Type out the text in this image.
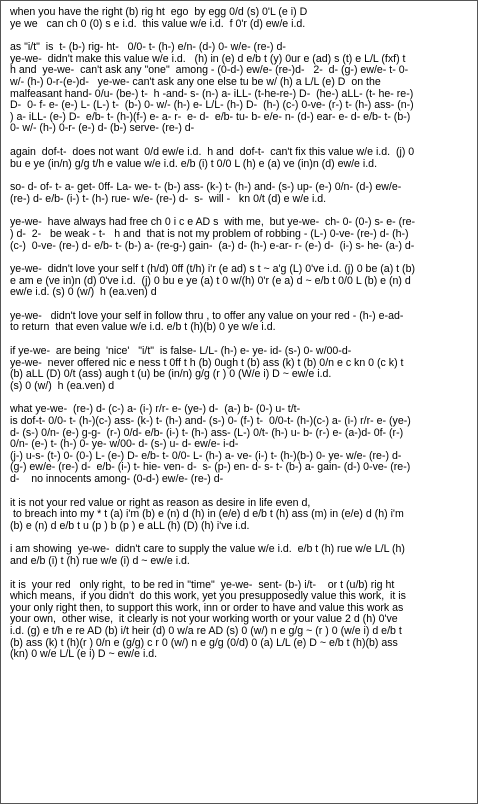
when you have the right (b) rig ht  ego  by egg 0/d (s) 0'L (e i) D
ye we   can ch 0 (0) s e i.d.  this value w/e i.d.  f 0'r (d) ew/e i.d.
as "i/t"  is  t- (b-) rig- ht-   0/0- t- (h-) e/n- (d-) 0- w/e- (re-) d-
ye-we-  didn't make this value w/e i.d.   (h) in (e) d e/b t (y) 0ur e (ad) s (t) e L/L (fxf) t
h and  ye-we-  can't ask any "one"  among - (0-d-) ew/e- (re-)d-   2-  d- (g-) ew/e- t- 0-
w/- (h-) 0-r-(e-)d-   ye-we- can't ask any one else tu be w/ (h) a L/L (e) D  on the
malfeasant hand- 0/u- (be-) t-  h -and- s- (n-) a- iLL- (t-he-re-) D-  (he-) aLL- (t- he- re-)
D-  0- f- e- (e-) L- (L-) t-  (b-) 0- w/- (h-) e- L/L- (h-) D-  (h-) (c-) 0-ve- (r-) t- (h-) ass- (n-)
) a- iLL- (e-) D-  e/b- t- (h-)(f-) e- a- r-  e- d-  e/b- tu- b- e/e- n- (d-) ear- e- d- e/b- t- (b-)
0- w/- (h-) 0-r- (e-) d- (b-) serve- (re-) d-
again  dof-t-  does not want  0/d ew/e i.d.  h and  dof-t-  can't fix this value w/e i.d.  (j) 0
bu e ye (in/n) g/g t/h e value w/e i.d. e/b (i) t 0/0 L (h) e (a) ve (in)n (d) ew/e i.d.
so- d- of- t- a- get- 0ff- La- we- t- (b-) ass- (k-) t- (h-) and- (s-) up- (e-) 0/n- (d-) ew/e-
(re-) d- e/b- (i-) t- (h-) rue- w/e- (re-) d-  s-  will -   kn 0/t (d) e w/e i.d.
ye-we-  have always had free ch 0 i c e AD s  with me,  but ye-we-  ch- 0- (0-) s- e- (re-
) d-  2-   be weak - t-   h and  that is not my problem of robbing - (L-) 0-ve- (re-) d- (h-)
(c-)  0-ve- (re-) d- e/b- t- (b-) a- (re-g-) gain-  (a-) d- (h-) e-ar- r- (e-) d-  (i-) s- he- (a-) d-
ye-we-  didn't love your self t (h/d) 0ff (t/h) i'r (e ad) s t ~ a'g (L) 0've i.d. (j) 0 be (a) t (b)
e am e (ve in)n (d) 0've i.d.  (j) 0 bu e ye (a) t 0 w/(h) 0'r (e a) d ~ e/b t 0/0 L (b) e (n) d
ew/e i.d. (s) 0 (w/)  h (ea.ven) d
ye-we-   didn't love your self in follow thru , to offer any value on your red - (h-) e-ad-
to return  that even value w/e i.d. e/b t (h)(b) 0 ye w/e i.d.
if ye-we-  are being  'nice'   "i/t"  is false- L/L- (h-) e- ye- id- (s-) 0- w/00-d-
ye-we-  never offered nic e ness t 0ff t h (b) 0ugh t (b) ass (k) t (b) 0/n e c kn 0 (c k) t
(b) aLL (D) 0/t (ass) augh t (u) be (in/n) g/g (r ) 0 (W/e i) D ~ ew/e i.d.
(s) 0 (w/)  h (ea.ven) d
what ye-we-  (re-) d- (c-) a- (i-) r/r- e- (ye-) d-  (a-) b- (0-) u- t/t-
is dof-t- 0/0- t- (h-)(c-) ass- (k-) t- (h-) and- (s-) 0- (f-) t-  0/0-t- (h-)(c-) a- (i-) r/r- e- (ye-)
d- (s-) 0/n- (e-) g-g-  (r-) 0/d- e/b- (i-) t- (h-) ass- (L-) 0/t- (h-) u- b- (r-) e- (a-)d- 0f- (r-)
0/n- (e-) t- (h-) 0- ye- w/00- d- (s-) u- d- ew/e- i-d-
(j-) u-s- (t-) 0- (0-) L- (e-) D- e/b- t- 0/0- L- (h-) a- ve- (i-) t- (h-)(b-) 0- ye- w/e- (re-) d-
(g-) ew/e- (re-) d-  e/b- (i-) t- hie- ven- d-  s- (p-) en- d- s- t- (b-) a- gain- (d-) 0-ve- (re-)
d-    no innocents among- (0-d-) ew/e- (re-) d-
it is not your red value or right as reason as desire in life even d,
to breach into my * t (a) i'm (b) e (n) d (h) in (e/e) d e/b t (h) ass (m) in (e/e) d (h) i'm
(b) e (n) d e/b t u (p ) b (p ) e aLL (h) (D) (h) i've i.d.
i am showing  ye-we-  didn't care to supply the value w/e i.d.  e/b t (h) rue w/e L/L (h)
and e/b (i) t (h) rue w/e (i) d ~ ew/e i.d.
it is  your red   only right,  to be red in "time"  ye-we-  sent- (b-) i/t-    or t (u/b) rig ht
which means,  if you didn't  do this work, yet you presupposedly value this work,  it is
your only right then, to support this work, inn or order to have and value this work as
your own,  other wise,  it clearly is not your working worth or your value 2 d (h) 0've
i.d. (g) e t/h e re AD (b) i/t heir (d) 0 w/a re AD (s) 0 (w/) n e g/g ~ (r ) 0 (w/e i) d e/b t
(b) ass (k) t (h)(r ) 0/n e (g/g) c r 0 (w/) n e g/g (0/d) 0 (a) L/L (e) D ~ e/b t (h)(b) ass
(kn) 0 w/e L/L (e i) D ~ ew/e i.d.
